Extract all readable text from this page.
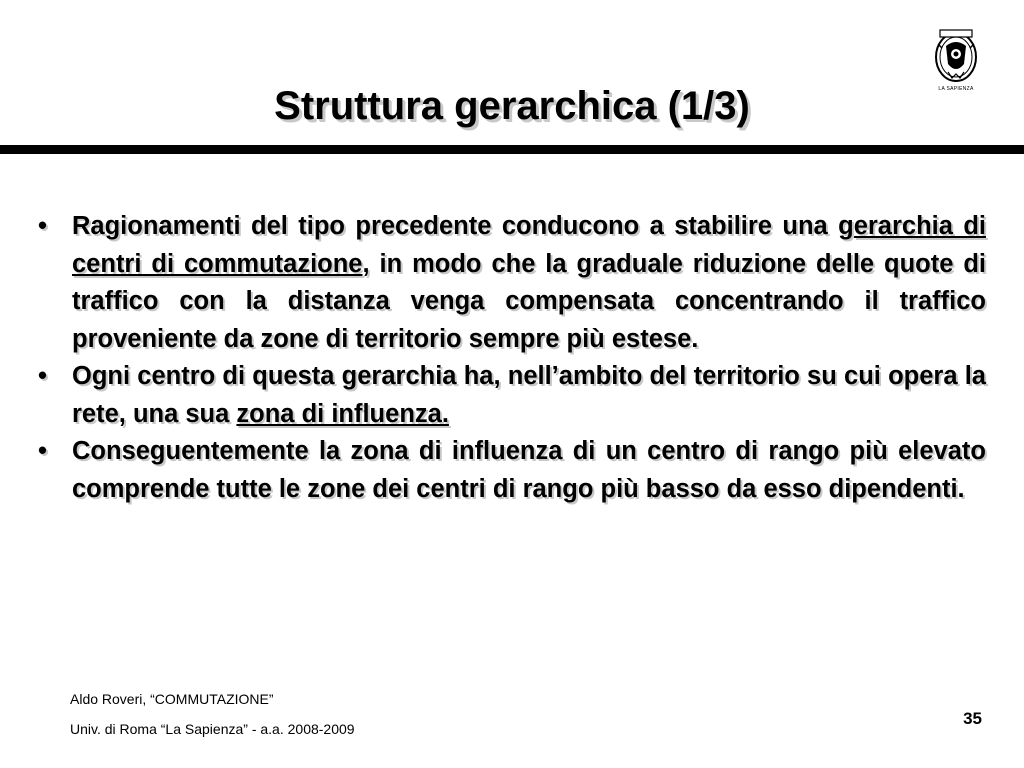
LA SAPIENZA
Struttura gerarchica (1/3)
• Ragionamenti del tipo precedente conducono a stabilire una gerarchia di centri di commutazione, in modo che la graduale riduzione delle quote di traffico con la distanza venga compensata concentrando il traffico proveniente da zone di territorio sempre più estese.
• Ogni centro di questa gerarchia ha, nell’ambito del territorio su cui opera la rete, una sua zona di influenza.
• Conseguentemente la zona di influenza di un centro di rango più elevato comprende tutte le zone dei centri di rango più basso da esso dipendenti.
Aldo Roveri, “COMMUTAZIONE”
Univ. di Roma “La Sapienza” - a.a. 2008-2009
35
